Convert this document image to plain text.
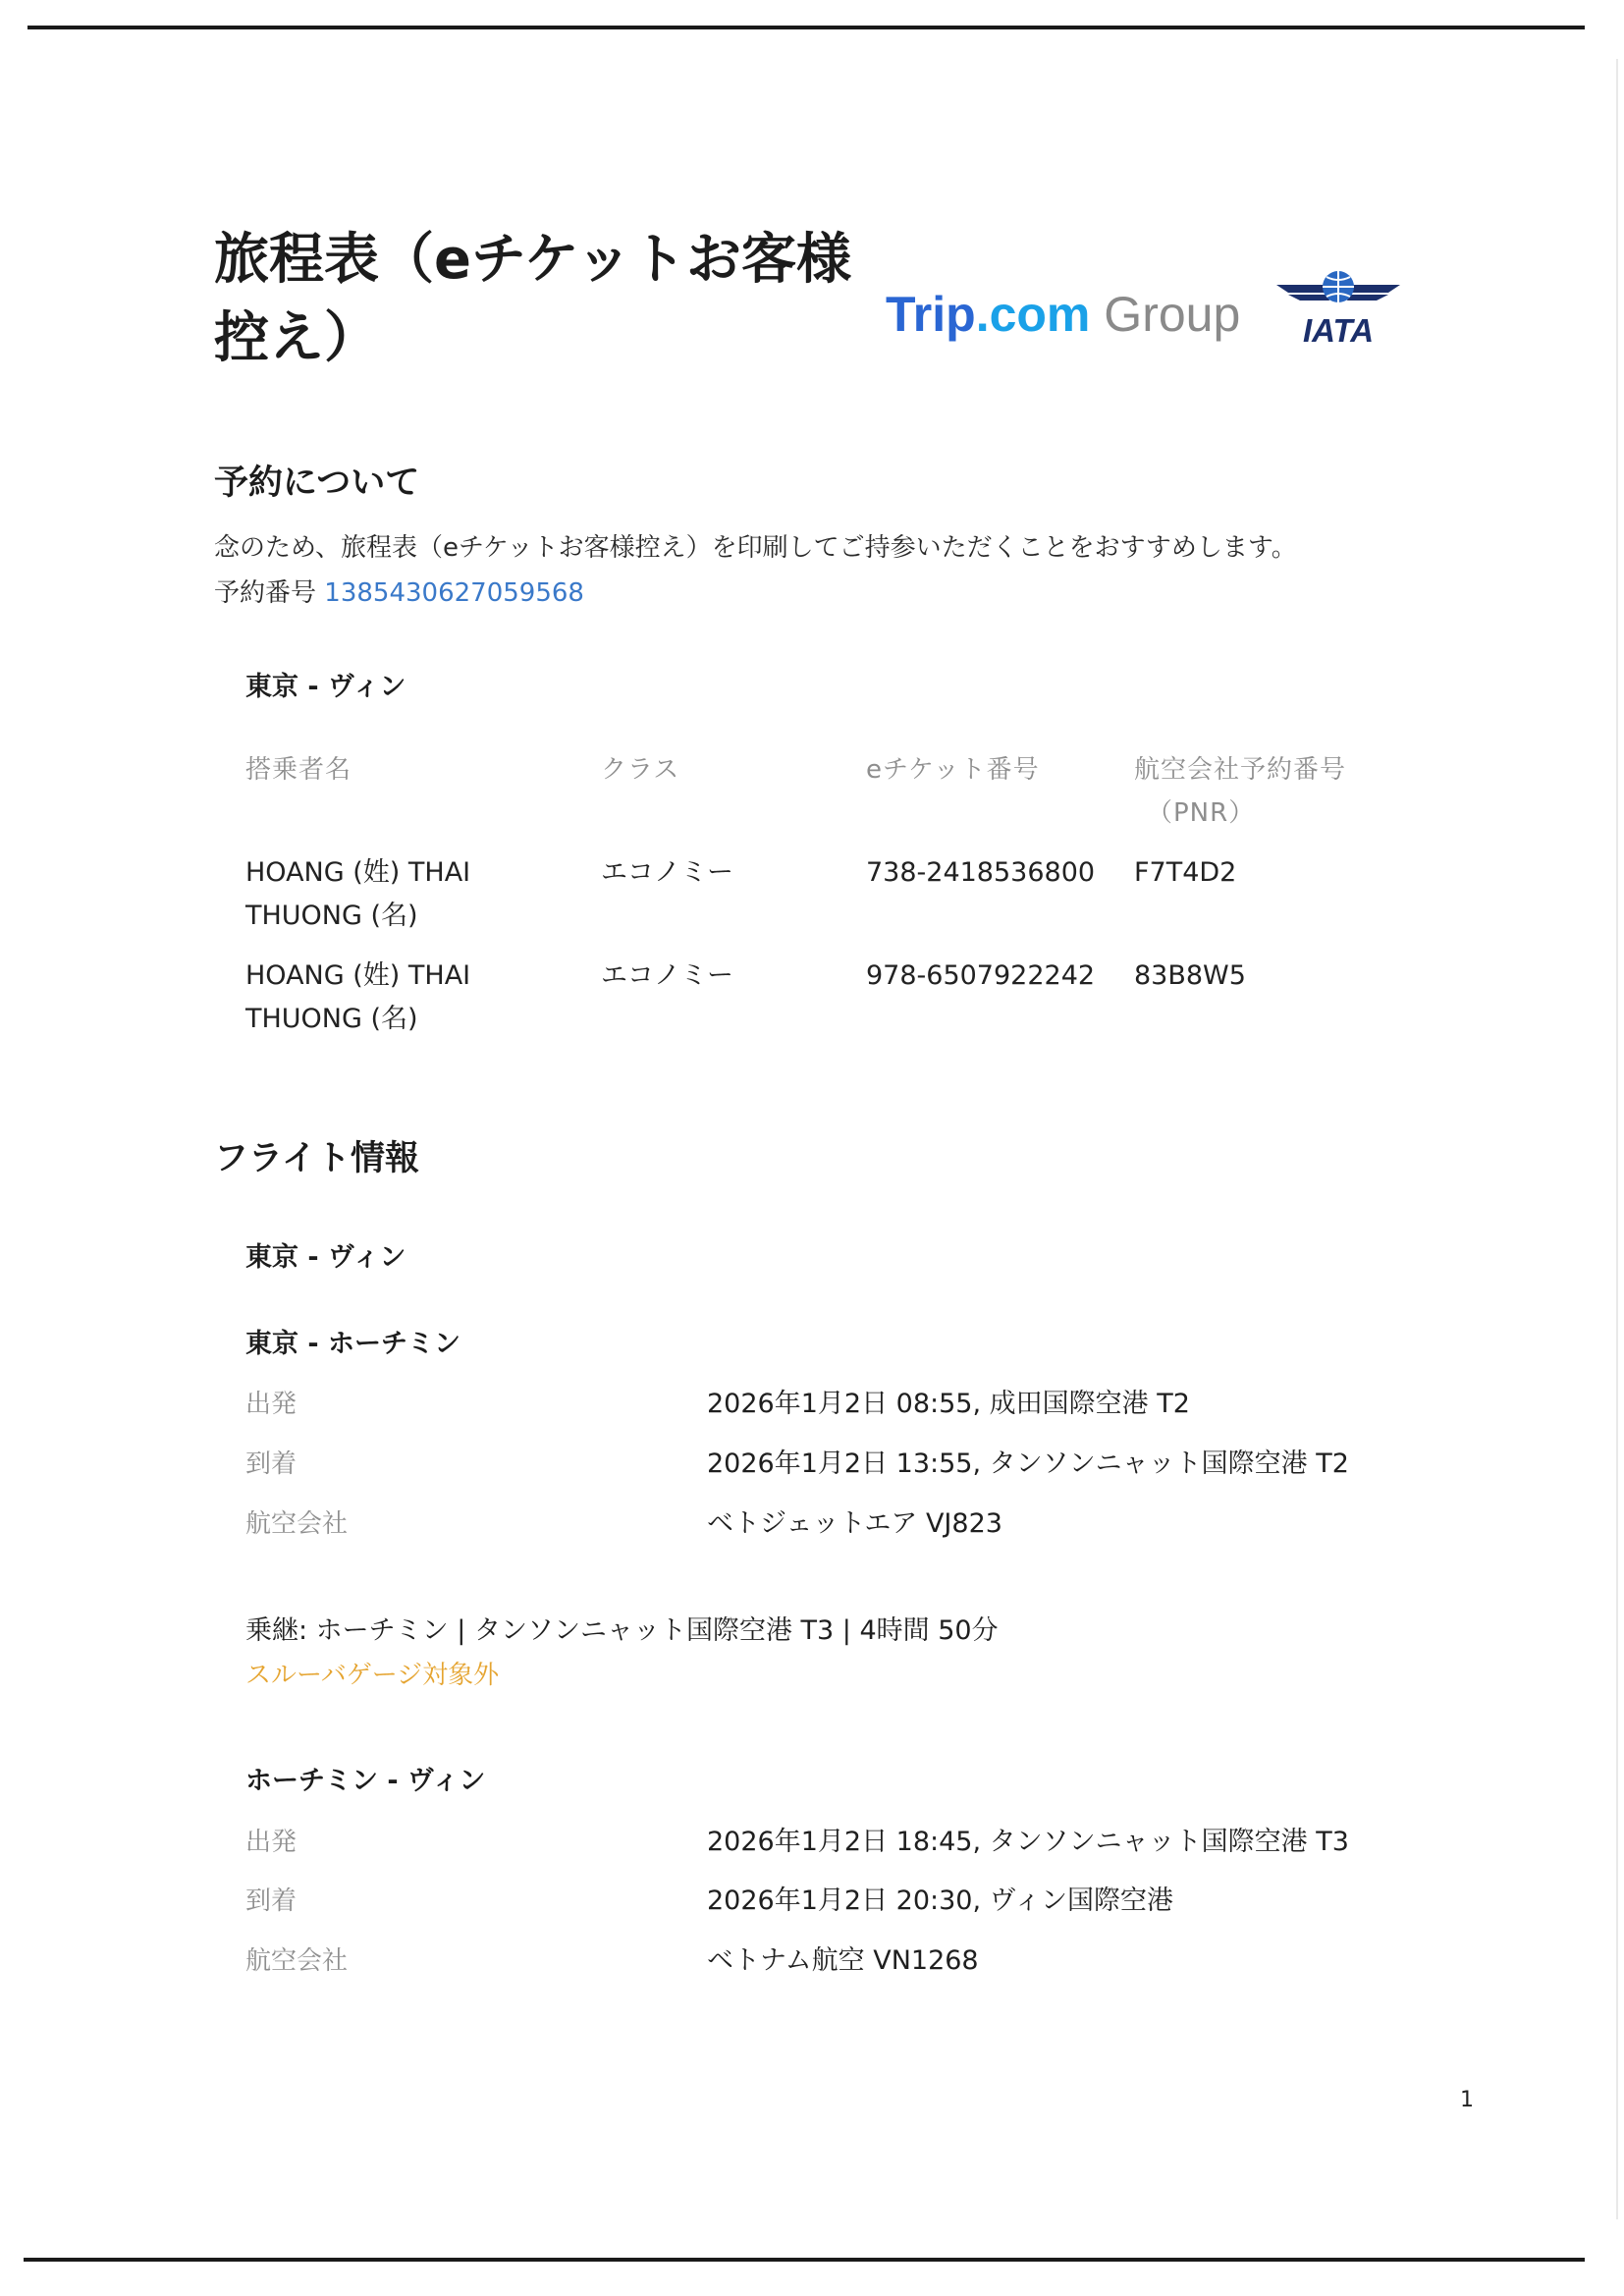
旅程表（eチケットお客様控え）	Trip.com Group IATA
予約について

念のため、旅程表（eチケットお客様控え）を印刷してご持参いただくことをおすすめします。

予約番号 1385430627059568

東京 - ヴィン
搭乗者名	クラス	eチケット番号	航空会社予約番号
（PNR）
HOANG (姓) THAI
THUONG (名)
エコノミー	738-2418536800 F7T4D2
HOANG (姓) THAI
THUONG (名)
エコノミー	978-6507922242 83B8W5
フライト情報
東京 - ヴィン
東京 - ホーチミン
出発	2026年1月2日 08:55, 成田国際空港 T2
到着	2026年1月2日 13:55, タンソンニャット国際空港 T2
航空会社	ベトジェットエア VJ823
乗継: ホーチミン | タンソンニャット国際空港 T3 | 4時間 50分
スルーバゲージ対象外
ホーチミン - ヴィン
出発	2026年1月2日 18:45, タンソンニャット国際空港 T3
到着	2026年1月2日 20:30, ヴィン国際空港
航空会社	ベトナム航空 VN1268
1
